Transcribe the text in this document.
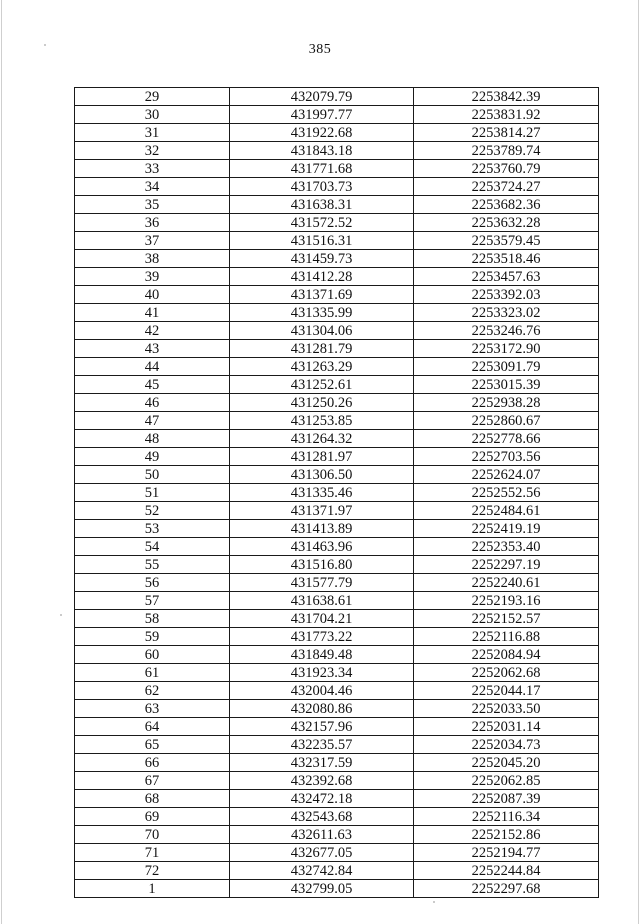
385
29	432079.79	2253842.39
30	431997.77	2253831.92
31	431922.68	2253814.27
32	431843.18	2253789.74
33	431771.68	2253760.79
34	431703.73	2253724.27
35	431638.31	2253682.36
36	431572.52	2253632.28
37	431516.31	2253579.45
38	431459.73	2253518.46
39	431412.28	2253457.63
40	431371.69	2253392.03
41	431335.99	2253323.02
42	431304.06	2253246.76
43	431281.79	2253172.90
44	431263.29	2253091.79
45	431252.61	2253015.39
46	431250.26	2252938.28
47	431253.85	2252860.67
48	431264.32	2252778.66
49	431281.97	2252703.56
50	431306.50	2252624.07
51	431335.46	2252552.56
52	431371.97	2252484.61
53	431413.89	2252419.19
54	431463.96	2252353.40
55	431516.80	2252297.19
56	431577.79	2252240.61
57	431638.61	2252193.16
58	431704.21	2252152.57
59	431773.22	2252116.88
60	431849.48	2252084.94
61	431923.34	2252062.68
62	432004.46	2252044.17
63	432080.86	2252033.50
64	432157.96	2252031.14
65	432235.57	2252034.73
66	432317.59	2252045.20
67	432392.68	2252062.85
68	432472.18	2252087.39
69	432543.68	2252116.34
70	432611.63	2252152.86
71	432677.05	2252194.77
72	432742.84	2252244.84
1	432799.05	2252297.68
